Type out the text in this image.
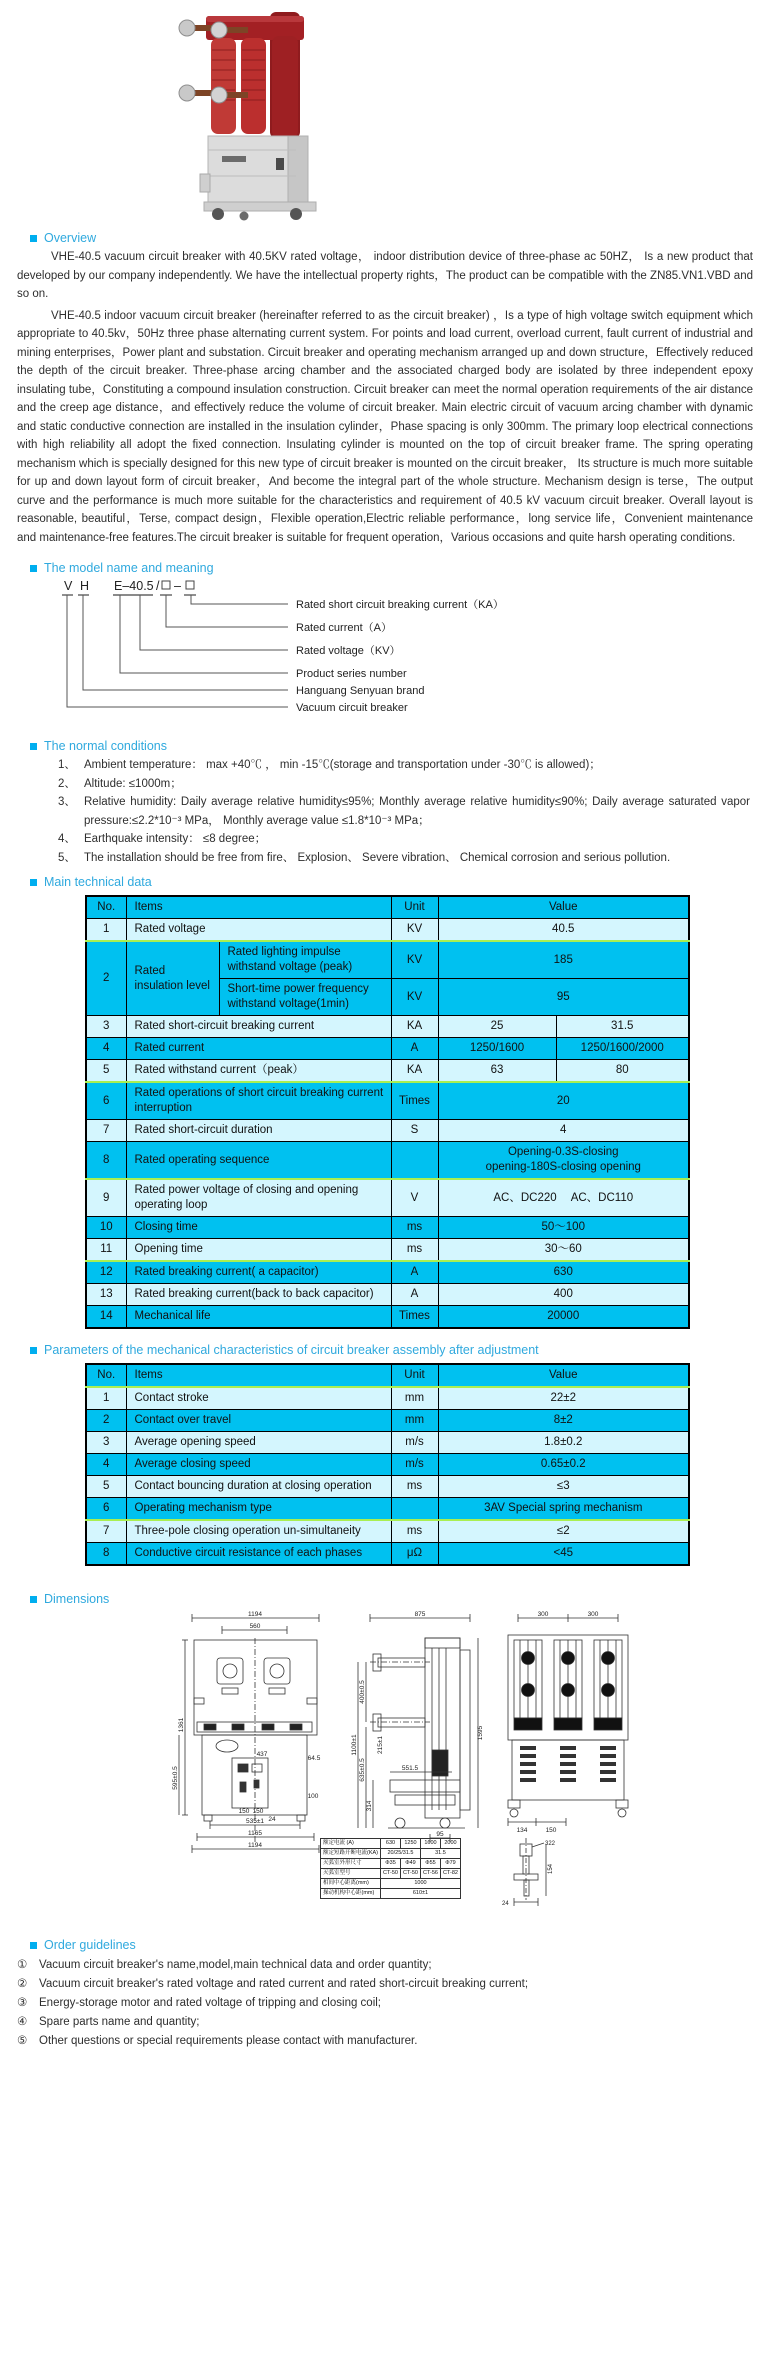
Overview

VHE-40.5 vacuum circuit breaker with 40.5KV rated voltage， indoor distribution device of three-phase ac 50HZ， Is a new product that developed by our company independently. We have the intellectual property rights，The product can be compatible with the ZN85.VN1.VBD and so on.

VHE-40.5 indoor vacuum circuit breaker (hereinafter referred to as the circuit breaker) ，Is a type of high voltage switch equipment which appropriate to 40.5kv，50Hz three phase alternating current system. For points and load current, overload current, fault current of industrial and mining enterprises，Power plant and substation. Circuit breaker and operating mechanism arranged up and down structure，Effectively reduced the depth of the circuit breaker. Three-phase arcing chamber and the associated charged body are isolated by three independent epoxy insulating tube，Constituting a compound insulation construction. Circuit breaker can meet the normal operation requirements of the air distance and the creep age distance，and effectively reduce the volume of circuit breaker. Main electric circuit of vacuum arcing chamber with dynamic and static conductive connection are installed in the insulation cylinder，Phase spacing is only 300mm. The primary loop electrical connections with high reliability all adopt the fixed connection. Insulating cylinder is mounted on the top of circuit breaker frame. The spring operating mechanism which is specially designed for this new type of circuit breaker is mounted on the circuit breaker， Its structure is much more suitable for up and down layout form of circuit breaker，And become the integral part of the whole structure. Mechanism design is terse，The output curve and the performance is much more suitable for the characteristics and requirement of 40.5 kV vacuum circuit breaker. Overall layout is reasonable, beautiful，Terse, compact design，Flexible operation,Electric reliable performance，long service life，Convenient maintenance and maintenance-free features.The circuit breaker is suitable for frequent operation，Various occasions and quite harsh operating conditions.

The model name and meaning
V H E–40.5 / –
Rated short circuit breaking current（KA）
Rated current（A）
Rated voltage（KV）
Product series number
Hanguang Senyuan brand
Vacuum circuit breaker
The normal conditions
1、 Ambient temperature： max +40℃ ， min -15℃(storage and transportation under -30℃ is allowed)；
2、 Altitude: ≤1000m；
3、 Relative humidity: Daily average relative humidity≤95%; Monthly average relative humidity≤90%; Daily average saturated vapor pressure:≤2.2*10⁻³ MPa， Monthly average value ≤1.8*10⁻³ MPa；
4、 Earthquake intensity： ≤8 degree；
5、 The installation should be free from fire、 Explosion、 Severe vibration、 Chemical corrosion and serious pollution.
Main technical data
No.	Items		Unit	Value	
1	Rated voltage		KV	40.5	
2	Rated insulation level	Rated lighting impulse withstand voltage (peak)	KV	185	
		Short-time power frequency withstand voltage(1min)	KV	95	
3	Rated short-circuit breaking current		KA	25	31.5
4	Rated current		A	1250/1600	1250/1600/2000
5	Rated withstand current（peak）		KA	63	80
6	Rated operations of short circuit breaking current interruption		Times	20	
7	Rated short-circuit duration		S	4	
8	Rated operating sequence			Opening-0.3S-closing
opening-180S-closing opening	

9	Rated power voltage of closing and opening operating loop		V	AC、DC220　 AC、DC110	
10	Closing time		ms	50～100	
11	Opening time		ms	30～60	
12	Rated breaking current( a capacitor)		A	630	
13	Rated breaking current(back to back capacitor)		A	400	
14	Mechanical life		Times	20000	
Parameters of the mechanical characteristics of circuit breaker assembly after adjustment
No.	Items	Unit	Value
1	Contact stroke	mm	22±2
2	Contact over travel	mm	8±2
3	Average opening speed	m/s	1.8±0.2
4	Average closing speed	m/s	0.65±0.2
5	Contact bouncing duration at closing operation	ms	≤3
6	Operating mechanism type		3AV Special spring mechanism
7	Three-pole closing operation un-simultaneity	ms	≤2
8	Conductive circuit resistance of each phases	μΩ	<45
Dimensions
1194
560
535±1
1165
1194
1361
595±0.5
437
150 150
64.5
100
24
875
400±0.5
1100±1
635±0.5
314
215±1
551.5
1595
95
300	300
134	150
322
24
154
额定电流 (A)	630	1250	1600	2000
额定短路开断电流(KA)	20/25/31.5		31.5	
灭弧室外形尺寸	Φ35	Φ49	Φ55	Φ79
灭弧室型号	CT-50	CT-50	CT-56	CT-82
相间中心距离(mm)	1000			
操动机构中心距(mm)	610±1			
Order guidelines
①	Vacuum circuit breaker's name,model,main technical data and order quantity;
②	Vacuum circuit breaker's rated voltage and rated current and rated short-circuit breaking current;
③	Energy-storage motor and rated voltage of tripping and closing coil;
④	Spare parts name and quantity;
⑤	Other questions or special requirements please contact with manufacturer.
